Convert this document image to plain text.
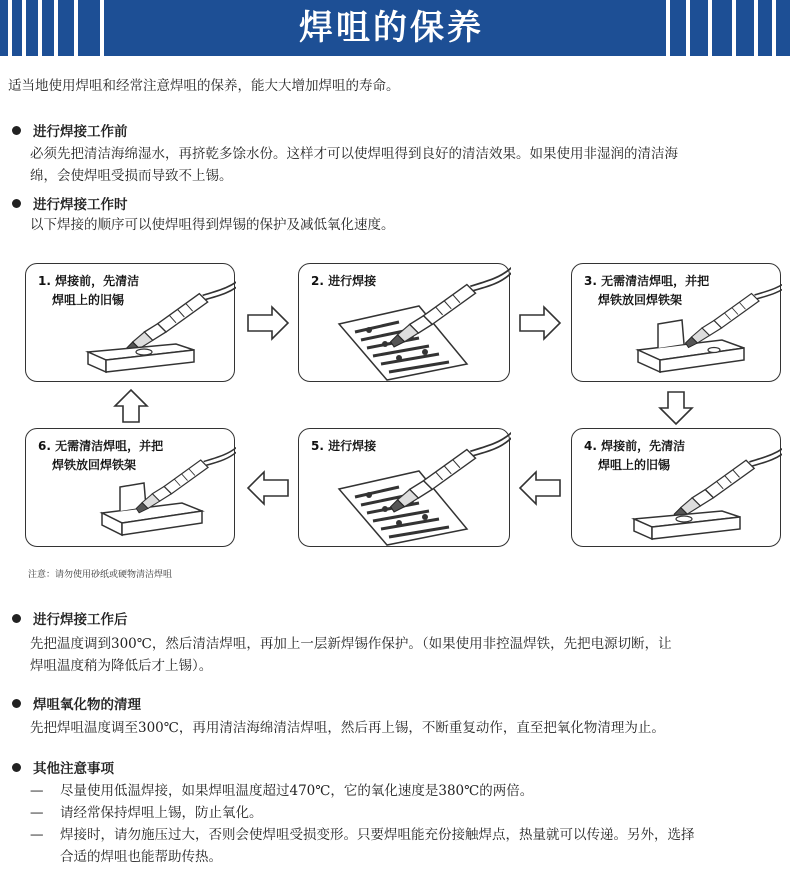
焊咀的保养
适当地使用焊咀和经常注意焊咀的保养，能大大增加焊咀的寿命。
进行焊接工作前
必须先把清洁海绵湿水，再挤乾多馀水份。这样才可以使焊咀得到良好的清洁效果。如果使用非湿润的清洁海
绵，会使焊咀受损而导致不上锡。
进行焊接工作时
以下焊接的顺序可以使焊咀得到焊锡的保护及减低氧化速度。
1. 焊接前，先清洁
焊咀上的旧锡
2. 进行焊接	3. 无需清洁焊咀，并把
焊铁放回焊铁架
6. 无需清洁焊咀，并把
焊铁放回焊铁架
5. 进行焊接	4. 焊接前，先清洁
焊咀上的旧锡
注意：请勿使用砂纸或硬物清洁焊咀
进行焊接工作后
先把温度调到300℃，然后清洁焊咀，再加上一层新焊锡作保护。（如果使用非控温焊铁，先把电源切断，让
焊咀温度稍为降低后才上锡）。
焊咀氧化物的清理
先把焊咀温度调至300℃，再用清洁海绵清洁焊咀，然后再上锡，不断重复动作，直至把氧化物清理为止。
其他注意事项
—	尽量使用低温焊接，如果焊咀温度超过470℃，它的氧化速度是380℃的两倍。
—	请经常保持焊咀上锡，防止氧化。
—	焊接时，请勿施压过大，否则会使焊咀受损变形。只要焊咀能充份接触焊点，热量就可以传递。另外，选择
合适的焊咀也能帮助传热。
